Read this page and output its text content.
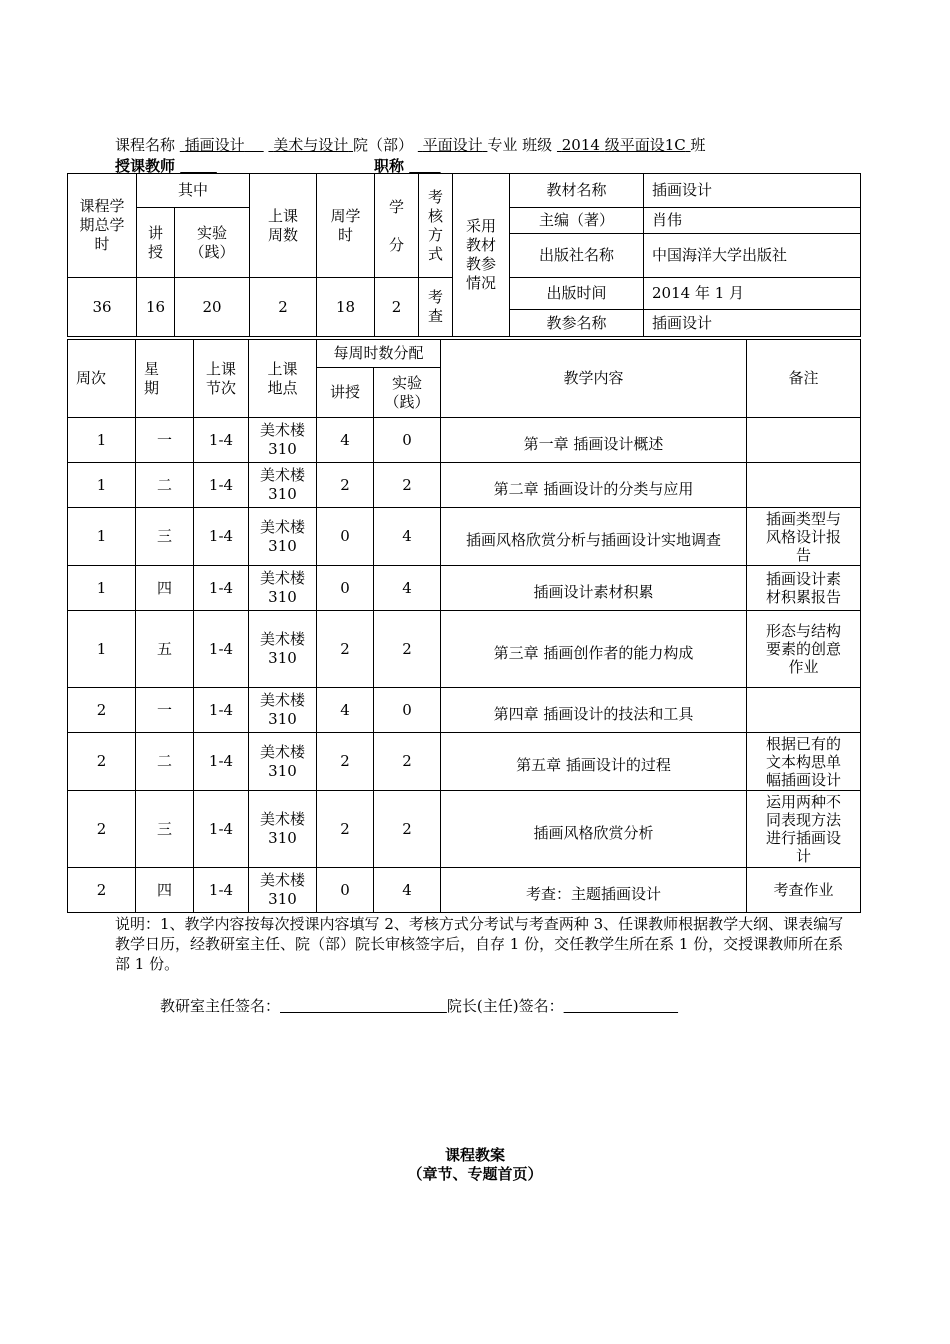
课程名称 插画设计 美术与设计 院（部） 平面设计 专业 班级 2014 级平面设1C 班
授课教师	职称
课程学期总学时	其中		上课周数	周学时	学分	考核方式	采用教材教参情况	教材名称	插画设计

	讲授	实验（践）						主编（著）	肖伟
								出版社名称	中国海洋大学出版社
36	16	20	2	18	2	考查		出版时间	2014 年 1 月
								教参名称	插画设计
周次	星期	上课节次	上课地点	每周时数分配		教学内容	备注
				讲授	实验（践）		

1	一	1-4	美术楼 310	4	0	第一章 插画设计概述	

1	二	1-4	美术楼 310	2	2	第二章 插画设计的分类与应用	

1	三	1-4	美术楼 310	0	4	插画风格欣赏分析与插画设计实地调查	插画类型与风格设计报告

1	四	1-4	美术楼 310	0	4	插画设计素材积累	插画设计素材积累报告

1	五	1-4	美术楼 310	2	2	第三章 插画创作者的能力构成	形态与结构要素的创意作业

2	一	1-4	美术楼 310	4	0	第四章 插画设计的技法和工具	

2	二	1-4	美术楼 310	2	2	第五章 插画设计的过程	根据已有的文本构思单幅插画设计

2	三	1-4	美术楼 310	2	2	插画风格欣赏分析	运用两种不同表现方法进行插画设计

2	四	1-4	美术楼 310	0	4	考查：主题插画设计	考查作业
说明：1、教学内容按每次授课内容填写 2、考核方式分考试与考查两种 3、任课教师根据教学大纲、课表编写教学日历，经教研室主任、院（部）院长审核签字后，自存 1 份，交任教学生所在系 1 份，交授课教师所在系部 1 份。
教研室主任签名：	院长(主任)签名：
课程教案
（章节、专题首页）
